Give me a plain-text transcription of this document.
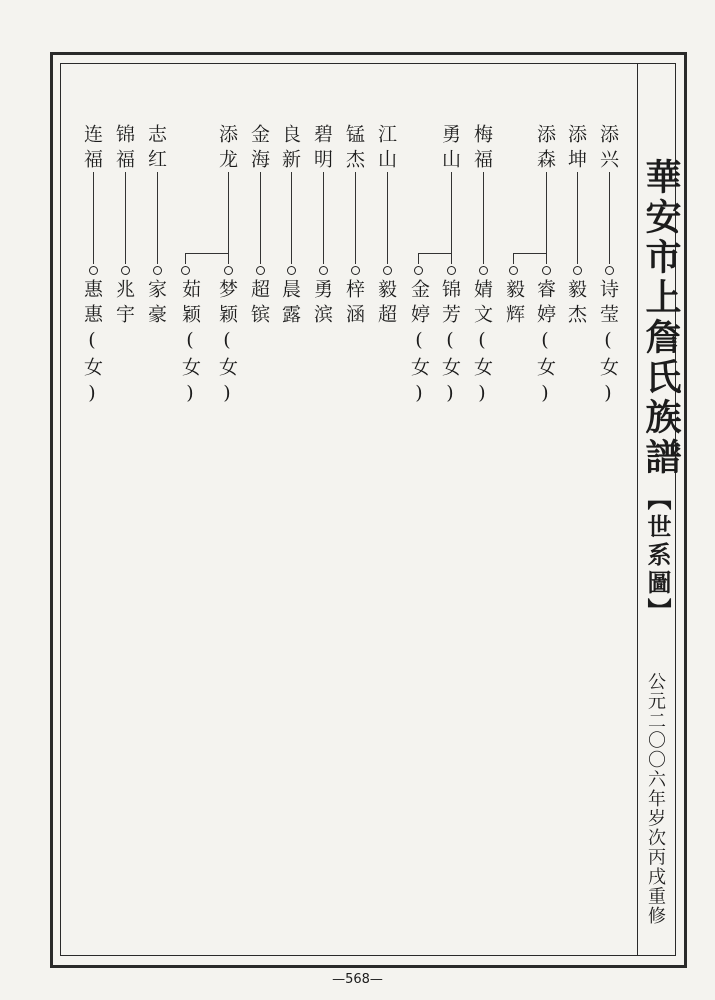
華安市上詹氏族譜
【世系圖】
公元二〇〇六年岁次丙戌重修
添兴
诗莹(女)
添坤
毅杰
添森
睿婷(女)
毅辉
梅福
婧文(女)
勇山
锦芳(女)
金婷(女)
江山
毅超
锰杰
梓涵
碧明
勇滨
良新
晨露
金海
超镔
添龙
梦颖(女)
茹颖(女)
志红
家豪
锦福
兆宇
连福
惠惠(女)
—568—
